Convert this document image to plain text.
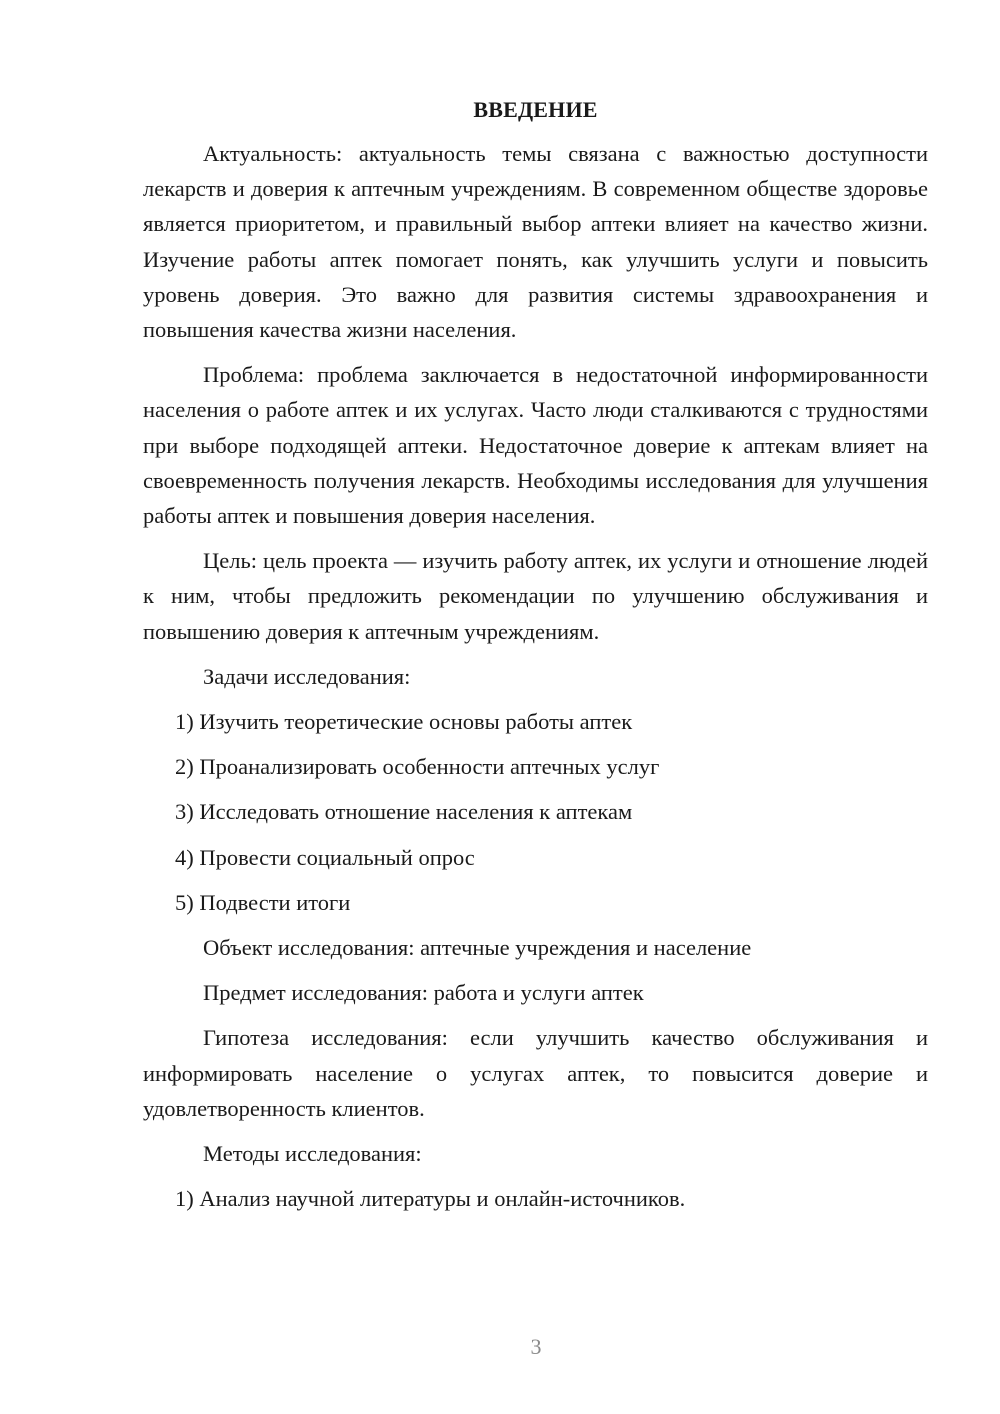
ВВЕДЕНИЕ

Актуальность: актуальность темы связана с важностью доступности лекарств и доверия к аптечным учреждениям. В современном обществе здоровье является приоритетом, и правильный выбор аптеки влияет на качество жизни. Изучение работы аптек помогает понять, как улучшить услуги и повысить уровень доверия. Это важно для развития системы здравоохранения и повышения качества жизни населения.

Проблема: проблема заключается в недостаточной информированности населения о работе аптек и их услугах. Часто люди сталкиваются с трудностями при выборе подходящей аптеки. Недостаточное доверие к аптекам влияет на своевременность получения лекарств. Необходимы исследования для улучшения работы аптек и повышения доверия населения.

Цель: цель проекта — изучить работу аптек, их услуги и отношение людей к ним, чтобы предложить рекомендации по улучшению обслуживания и повышению доверия к аптечным учреждениям.

Задачи исследования:
1) Изучить теоретические основы работы аптек
2) Проанализировать особенности аптечных услуг
3) Исследовать отношение населения к аптекам
4) Провести социальный опрос
5) Подвести итоги
Объект исследования: аптечные учреждения и население
Предмет исследования: работа и услуги аптек

Гипотеза исследования: если улучшить качество обслуживания и информировать население о услугах аптек, то повысится доверие и удовлетворенность клиентов.

Методы исследования:
1) Анализ научной литературы и онлайн-источников.
3
